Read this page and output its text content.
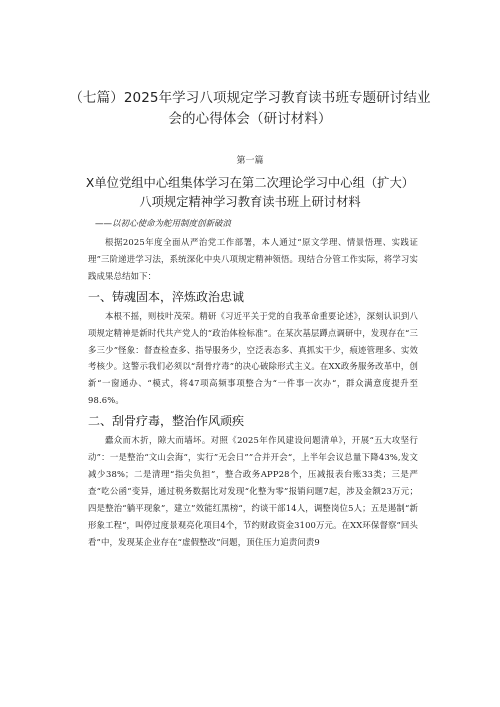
（七篇）2025年学习八项规定学习教育读书班专题研讨结业会的心得体会（研讨材料）
第一篇
X单位党组中心组集体学习在第二次理论学习中心组（扩大）八项规定精神学习教育读书班上研讨材料
——以初心使命为舵用制度创新破浪

根据2025年度全面从严治党工作部署，本人通过“原文学理、情景悟理、实践证理”三阶递进学习法，系统深化中央八项规定精神领悟。现结合分管工作实际，将学习实践成果总结如下：

一、铸魂固本，淬炼政治忠诚

本根不摇，则枝叶茂荣。精研《习近平关于党的自我革命重要论述》，深刻认识到八项规定精神是新时代共产党人的“政治体检标准”。在某次基层蹲点调研中，发现存在“三多三少”怪象：督查检查多、指导服务少，空泛表态多、真抓实干少，痕迹管理多、实效考核少。这警示我们必须以“刮骨疗毒”的决心破除形式主义。在XX政务服务改革中，创新“一窗通办、“模式，将47项高频事项整合为“一件事一次办“，群众满意度提升至98.6%。

二、刮骨疗毒，整治作风顽疾

蠹众而木折，隙大而墙坏。对照《2025年作风建设问题清单》，开展“五大攻坚行动”：一是整治“文山会海“，实行”无会日””合并开会“，上半年会议总量下降43%,发文减少38%；二是清理“指尖负担”，整合政务APP28个，压减报表台账33类；三是严查“吃公函“变异，通过税务数据比对发现“化整为零”报销问题7起，涉及金额23万元；四是整治“躺平现象”，建立”效能红黑榜“，约谈干部14人，调整岗位5人；五是遏制“新形象工程“，叫停过度景观亮化项目4个，节约财政资金3100万元。在XX环保督察”回头看”中，发现某企业存在“虚假整改”问题，顶住压力追责问责9
